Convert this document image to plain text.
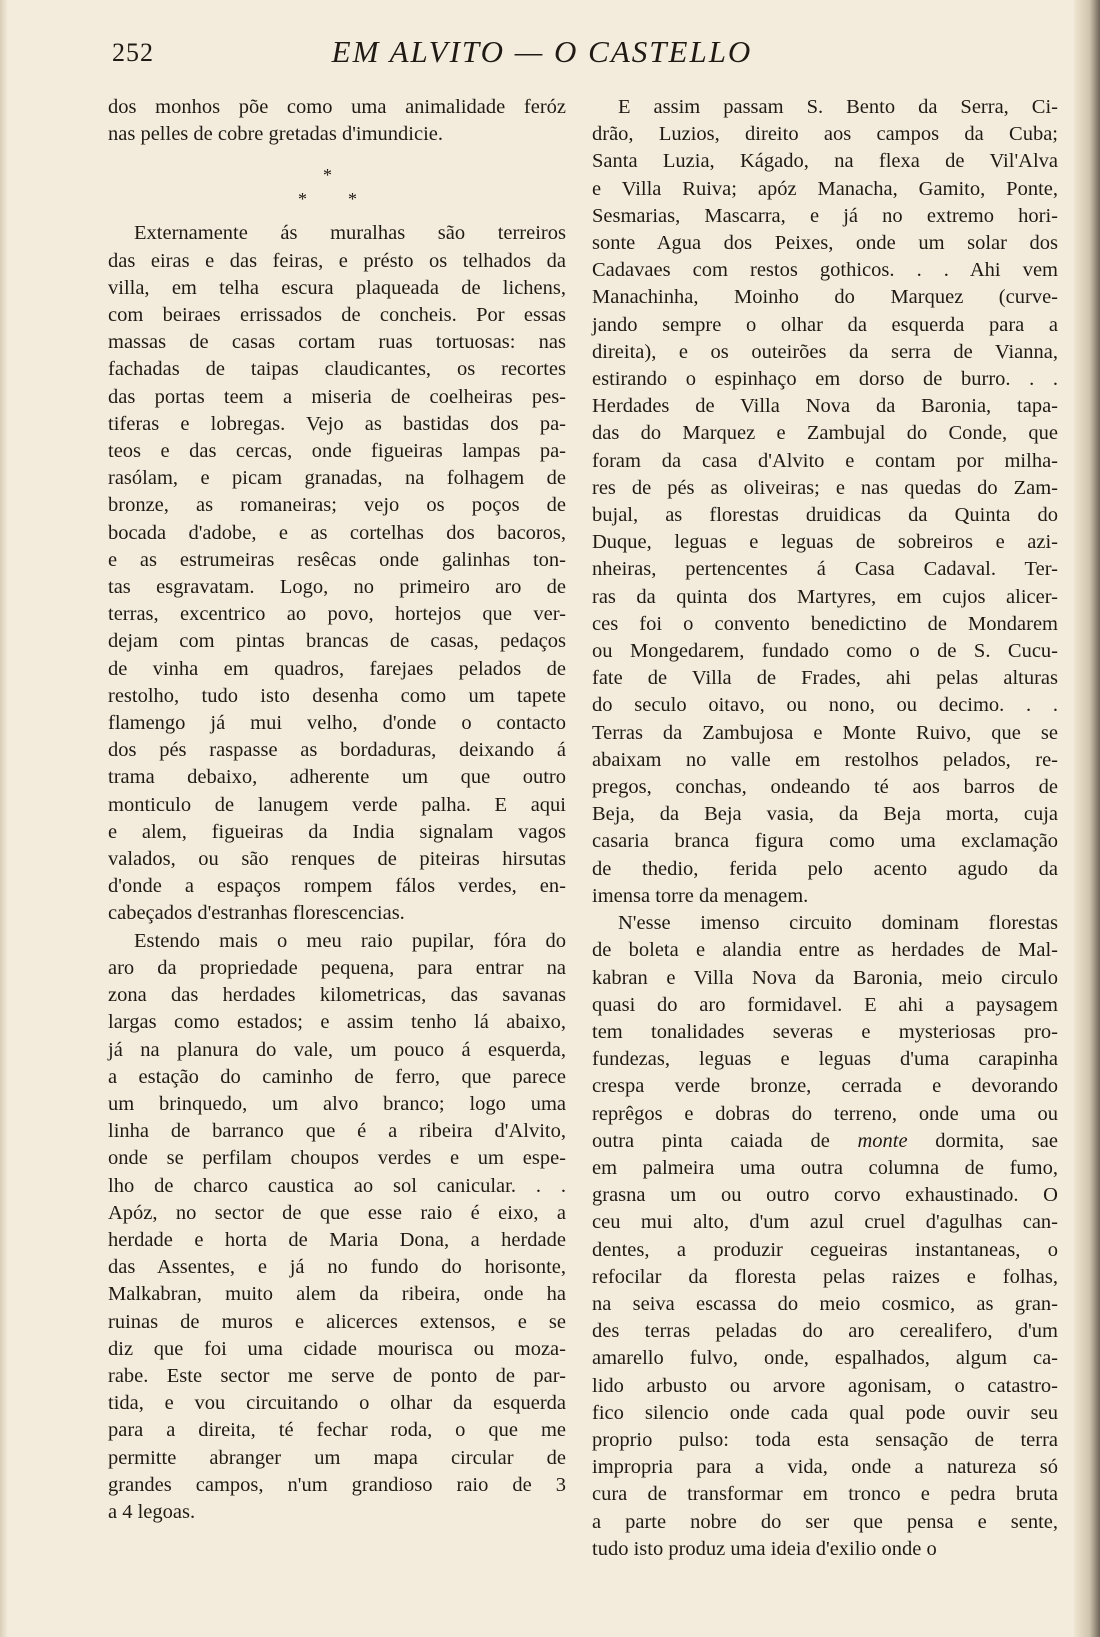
252	EM ALVITO — O CASTELLO
dos monhos põe como uma animalidade feróz
nas pelles de cobre gretadas d'imundicie.
*
* *
Externamente ás muralhas são terreiros
das eiras e das feiras, e présto os telhados da
villa, em telha escura plaqueada de lichens,
com beiraes errissados de concheis. Por essas
massas de casas cortam ruas tortuosas: nas
fachadas de taipas claudicantes, os recortes
das portas teem a miseria de coelheiras pes-
tiferas e lobregas. Vejo as bastidas dos pa-
teos e das cercas, onde figueiras lampas pa-
rasólam, e picam granadas, na folhagem de
bronze, as romaneiras; vejo os poços de
bocada d'adobe, e as cortelhas dos bacoros,
e as estrumeiras resêcas onde galinhas ton-
tas esgravatam. Logo, no primeiro aro de
terras, excentrico ao povo, hortejos que ver-
dejam com pintas brancas de casas, pedaços
de vinha em quadros, farejaes pelados de
restolho, tudo isto desenha como um tapete
flamengo já mui velho, d'onde o contacto
dos pés raspasse as bordaduras, deixando á
trama debaixo, adherente um que outro
monticulo de lanugem verde palha. E aqui
e alem, figueiras da India signalam vagos
valados, ou são renques de piteiras hirsutas
d'onde a espaços rompem fálos verdes, en-
cabeçados d'estranhas florescencias.
Estendo mais o meu raio pupilar, fóra do
aro da propriedade pequena, para entrar na
zona das herdades kilometricas, das savanas
largas como estados; e assim tenho lá abaixo,
já na planura do vale, um pouco á esquerda,
a estação do caminho de ferro, que parece
um brinquedo, um alvo branco; logo uma
linha de barranco que é a ribeira d'Alvito,
onde se perfilam choupos verdes e um espe-
lho de charco caustica ao sol canicular. . .
Apóz, no sector de que esse raio é eixo, a
herdade e horta de Maria Dona, a herdade
das Assentes, e já no fundo do horisonte,
Malkabran, muito alem da ribeira, onde ha
ruinas de muros e alicerces extensos, e se
diz que foi uma cidade mourisca ou moza-
rabe. Este sector me serve de ponto de par-
tida, e vou circuitando o olhar da esquerda
para a direita, té fechar roda, o que me
permitte abranger um mapa circular de
grandes campos, n'um grandioso raio de 3
a 4 legoas.
E assim passam S. Bento da Serra, Ci-
drão, Luzios, direito aos campos da Cuba;
Santa Luzia, Kágado, na flexa de Vil'Alva
e Villa Ruiva; apóz Manacha, Gamito, Ponte,
Sesmarias, Mascarra, e já no extremo hori-
sonte Agua dos Peixes, onde um solar dos
Cadavaes com restos gothicos. . . Ahi vem
Manachinha, Moinho do Marquez (curve-
jando sempre o olhar da esquerda para a
direita), e os outeirões da serra de Vianna,
estirando o espinhaço em dorso de burro. . .
Herdades de Villa Nova da Baronia, tapa-
das do Marquez e Zambujal do Conde, que
foram da casa d'Alvito e contam por milha-
res de pés as oliveiras; e nas quedas do Zam-
bujal, as florestas druidicas da Quinta do
Duque, leguas e leguas de sobreiros e azi-
nheiras, pertencentes á Casa Cadaval. Ter-
ras da quinta dos Martyres, em cujos alicer-
ces foi o convento benedictino de Mondarem
ou Mongedarem, fundado como o de S. Cucu-
fate de Villa de Frades, ahi pelas alturas
do seculo oitavo, ou nono, ou decimo. . .
Terras da Zambujosa e Monte Ruivo, que se
abaixam no valle em restolhos pelados, re-
pregos, conchas, ondeando té aos barros de
Beja, da Beja vasia, da Beja morta, cuja
casaria branca figura como uma exclamação
de thedio, ferida pelo acento agudo da
imensa torre da menagem.
N'esse imenso circuito dominam florestas
de boleta e alandia entre as herdades de Mal-
kabran e Villa Nova da Baronia, meio circulo
quasi do aro formidavel. E ahi a paysagem
tem tonalidades severas e mysteriosas pro-
fundezas, leguas e leguas d'uma carapinha
crespa verde bronze, cerrada e devorando
reprêgos e dobras do terreno, onde uma ou
outra pinta caiada de monte dormita, sae
em palmeira uma outra columna de fumo,
grasna um ou outro corvo exhaustinado. O
ceu mui alto, d'um azul cruel d'agulhas can-
dentes, a produzir cegueiras instantaneas, o
refocilar da floresta pelas raizes e folhas,
na seiva escassa do meio cosmico, as gran-
des terras peladas do aro cerealifero, d'um
amarello fulvo, onde, espalhados, algum ca-
lido arbusto ou arvore agonisam, o catastro-
fico silencio onde cada qual pode ouvir seu
proprio pulso: toda esta sensação de terra
impropria para a vida, onde a natureza só
cura de transformar em tronco e pedra bruta
a parte nobre do ser que pensa e sente,
tudo isto produz uma ideia d'exilio onde o
